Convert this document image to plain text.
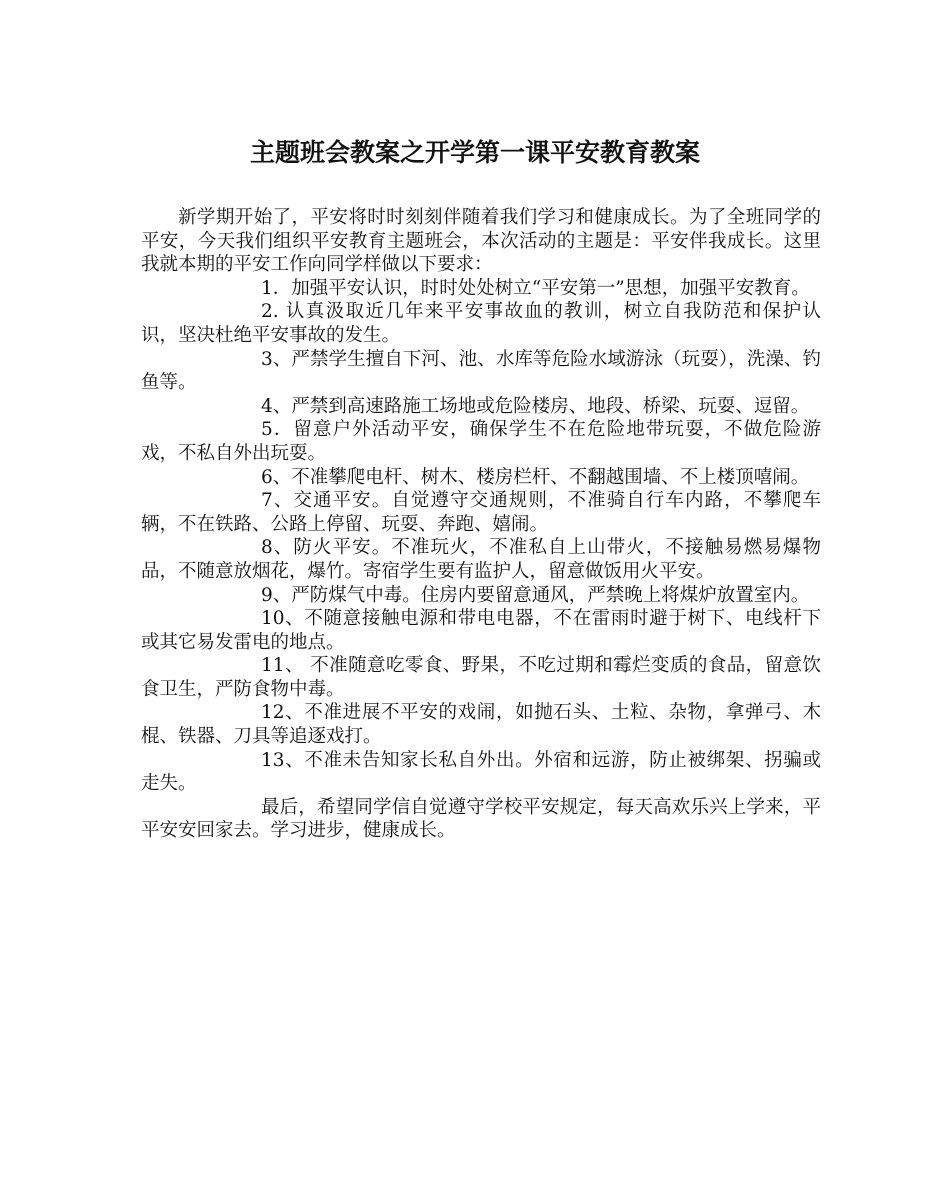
主题班会教案之开学第一课平安教育教案

新学期开始了，平安将时时刻刻伴随着我们学习和健康成长。为了全班同学的平安，今天我们组织平安教育主题班会，本次活动的主题是：平安伴我成长。这里我就本期的平安工作向同学样做以下要求：

1．加强平安认识，时时处处树立“平安第一”思想，加强平安教育。

2. 认真汲取近几年来平安事故血的教训，树立自我防范和保护认识，坚决杜绝平安事故的发生。

3、严禁学生擅自下河、池、水库等危险水域游泳（玩耍），洗澡、钓鱼等。

4、严禁到高速路施工场地或危险楼房、地段、桥梁、玩耍、逗留。

5．留意户外活动平安，确保学生不在危险地带玩耍，不做危险游戏，不私自外出玩耍。

6、不准攀爬电杆、树木、楼房栏杆、不翻越围墙、不上楼顶嘻闹。

7、交通平安。自觉遵守交通规则，不准骑自行车内路，不攀爬车辆，不在铁路、公路上停留、玩耍、奔跑、嬉闹。

8、防火平安。不准玩火，不准私自上山带火，不接触易燃易爆物品，不随意放烟花，爆竹。寄宿学生要有监护人，留意做饭用火平安。

9、严防煤气中毒。住房内要留意通风，严禁晚上将煤炉放置室内。

10、不随意接触电源和带电电器，不在雷雨时避于树下、电线杆下或其它易发雷电的地点。

11、 不准随意吃零食、野果，不吃过期和霉烂变质的食品，留意饮食卫生，严防食物中毒。

12、不准进展不平安的戏闹，如抛石头、土粒、杂物，拿弹弓、木棍、铁器、刀具等追逐戏打。

13、不准未告知家长私自外出。外宿和远游，防止被绑架、拐骗或走失。

最后，希望同学信自觉遵守学校平安规定，每天高欢乐兴上学来，平平安安回家去。学习进步，健康成长。
